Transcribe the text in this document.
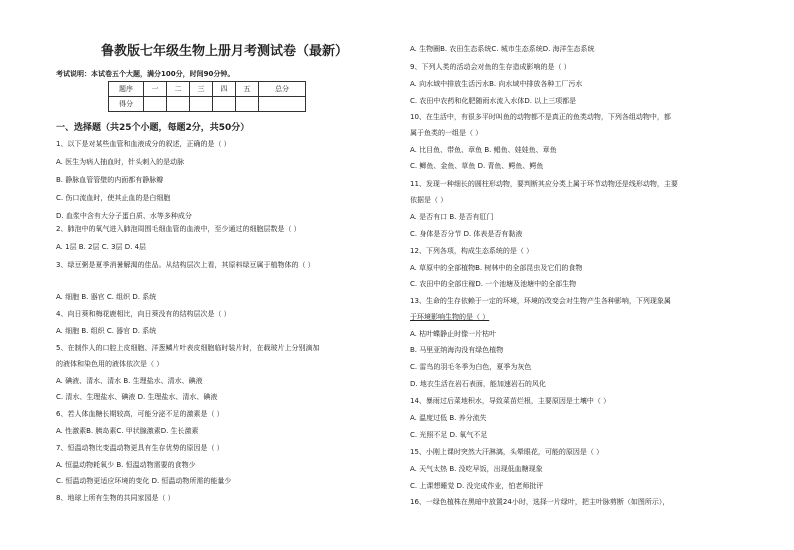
鲁教版七年级生物上册月考测试卷（最新）
考试说明：本试卷五个大题，满分100分，时间90分钟。
题序	一	二	三	四	五	总分
得分						
一、选择题（共25个小题，每题2分，共50分）
1、以下是对某些血管和血液成分的叙述，正确的是（ ）
A. 医生为病人抽血时，针头刺入的是动脉
B. 静脉血管管壁的内面都有静脉瓣
C. 伤口流血时，使其止血的是白细胞
D. 血浆中含有大分子蛋白质、水等多种成分
2、肺泡中的氧气进入肺泡周围毛细血管的血液中，至少通过的细胞层数是（ ）
A. 1层 B. 2层 C. 3层 D. 4层
3、绿豆粥是夏季消暑解渴的佳品。从结构层次上看，其原料绿豆属于植物体的（ ）
A. 细胞 B. 器官 C. 组织 D. 系统
4、向日葵和梅花鹿相比，向日葵没有的结构层次是（ ）
A. 细胞 B. 组织 C. 器官 D. 系统
5、在制作人的口腔上皮细胞、洋葱鳞片叶表皮细胞临时装片时，在载玻片上分别滴加
的液体和染色用的液体依次是（ ）
A. 碘液、清水、清水 B. 生理盐水、清水、碘液
C. 清水、生理盐水、碘液 D. 生理盐水、清水、碘液
6、若人体血糖长期较高，可能分泌不足的激素是（ ）
A. 性激素B. 胰岛素C. 甲状腺激素D. 生长激素
7、恒温动物比变温动物更具有生存优势的原因是（ ）
A. 恒温动物耗氧少 B. 恒温动物需要的食物少
C. 恒温动物更适应环境的变化 D. 恒温动物所需的能量少
8、地球上所有生物的共同家园是（ ）
A. 生物圈B. 农田生态系统C. 城市生态系统D. 海洋生态系统
9、下列人类的活动会对鱼的生存造成影响的是（ ）
A. 向水域中排放生活污水B. 向水域中排放各种工厂污水
C. 农田中农药和化肥随雨水流入水体D. 以上三项都是
10、在生活中，有很多平时叫鱼的动物都不是真正的鱼类动物，下列各组动物中，都
属于鱼类的一组是（ ）
A. 比目鱼、带鱼、章鱼 B. 鲳鱼、娃娃鱼、章鱼
C. 鲫鱼、金鱼、草鱼 D. 青鱼、鳄鱼、鳄鱼
11、发现一种细长的圆柱形动物，要判断其应分类上属于环节动物还是线形动物，主要
依据是（ ）
A. 是否有口 B. 是否有肛门
C. 身体是否分节 D. 体表是否有黏液
12、下列各项，构成生态系统的是（ ）
A. 草原中的全部植物B. 树林中的全部昆虫及它们的食物
C. 农田中的全部庄稼D. 一个池塘及池塘中的全部生物
13、生命的生存依赖于一定的环境，环境的改变会对生物产生各种影响，下列现象属
于环境影响生物的是（ ）
A. 枯叶蝶静止时像一片枯叶
B. 马里亚纳海沟没有绿色植物
C. 雷鸟的羽毛冬季为白色，夏季为灰色
D. 地衣生活在岩石表面，能加速岩石的风化
14、暴雨过后菜地积水，导致菜苗烂根，主要原因是土壤中（ ）
A. 温度过低 B. 养分流失
C. 光照不足 D. 氧气不足
15、小刚上课时突然大汗淋漓，头晕眼花，可能的原因是（ ）
A. 天气太热 B. 没吃早饭，出现低血糖现象
C. 上课想睡觉 D. 没完成作业，怕老师批评
16、一绿色植株在黑暗中放置24小时，选择一片绿叶，把主叶脉剪断（如图所示），
